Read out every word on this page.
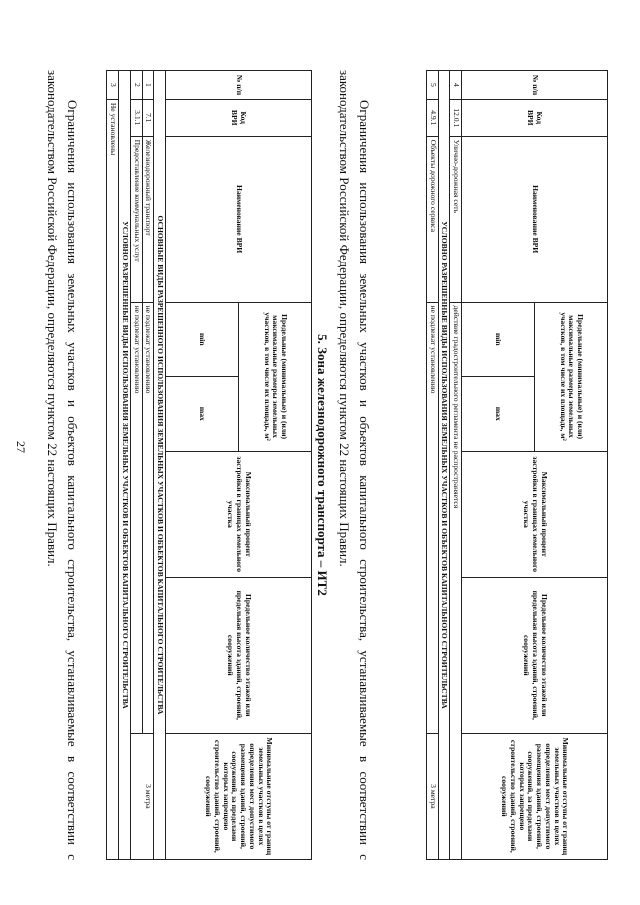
27
№ п/п	Код ВРИ	Наименование ВРИ	Предельные (минимальные) и (или) максимальные размеры земельных участков, в том числе их площадь, м²		Максимальный процент застройки в границах земельного участка	Предельное количество этажей или предельная высота зданий, строений, сооружений	Минимальные отступы от границ земельных участков в целях определения мест допустимого размещения зданий, строений, сооружений, за пределами которых запрещено строительство зданий, строений, сооружений
			min	max			
4	12.0.1	Улично-дорожная сеть	действие градостроительного регламента не распространяется				
УСЛОВНО РАЗРЕШЕННЫЕ ВИДЫ ИСПОЛЬЗОВАНИЯ ЗЕМЕЛЬНЫХ УЧАСТКОВ И ОБЪЕКТОВ КАПИТАЛЬНОГО СТРОИТЕЛЬСТВА							
5	4.9.1	Объекты дорожного сервиса	не подлежат установлению				3 метра
Ограничения использования земельных участков и объектов капитального строительства, устанавливаемые в соответствии с законодательством Российской Федерации, определяются пунктом 22 настоящих Правил.
5. Зона железнодорожного транспорта – ИТ2
№ п/п	Код ВРИ	Наименование ВРИ	Предельные (минимальные) и (или) максимальные размеры земельных участков, в том числе их площадь, м²		Максимальный процент застройки в границах земельного участка	Предельное количество этажей или предельная высота зданий, строений, сооружений	Минимальные отступы от границ земельных участков в целях определения мест допустимого размещения зданий, строений, сооружений, за пределами которых запрещено строительство зданий, строений, сооружений
			min	max			
ОСНОВНЫЕ ВИДЫ РАЗРЕШЕННОГО ИСПОЛЬЗОВАНИЯ ЗЕМЕЛЬНЫХ УЧАСТКОВ И ОБЪЕКТОВ КАПИТАЛЬНОГО СТРОИТЕЛЬСТВА							
1	7.1	Железнодорожный транспорт	не подлежат установлению				3 метра
2	3.1.1	Предоставление коммунальных услуг	не подлежат установлению				
УСЛОВНО РАЗРЕШЕННЫЕ ВИДЫ ИСПОЛЬЗОВАНИЯ ЗЕМЕЛЬНЫХ УЧАСТКОВ И ОБЪЕКТОВ КАПИТАЛЬНОГО СТРОИТЕЛЬСТВА							
3	Не установлены						
Ограничения использования земельных участков и объектов капитального строительства, устанавливаемые в соответствии с законодательством Российской Федерации, определяются пунктом 22 настоящих Правил.
